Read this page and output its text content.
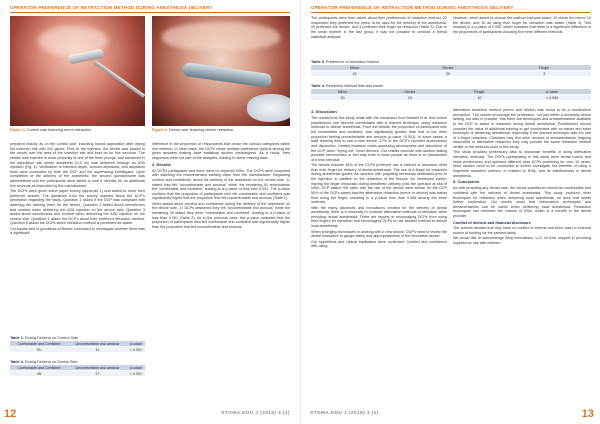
OPERATOR PREFERENCE OF RETRACTION METHOD DURING ANESTHESIA DELIVERY
Figure 3. Control side featuring mirror retraction	Figure 4. Device side featuring device retraction

prepared exactly as on the control side, including topical application after drying the insertion site with 2x2 gauze. Prior to the injection, the device was placed in the mouth over the area of the insertion site and kept on for five seconds. The needle was inserted in close proximity to one of the three prongs, and advanced to the deposition site where anesthetic (0.9 ml) was delivered through an ASA injection (Fig. 4). Verification of insertion depth, amount deposited, and aspiration tests were conducted by both the DCP and the supervising investigator. Upon completion of the delivery of the anesthetic, the second questionnaire was administered and the participants were asked to wait 5 minutes for an additional five seconds as instructed by the manufacturer.

The DCPs were given some paper survey (appendix 1) and asked to circle their preferred answer. The questions from the survey inquired about the DCP's perception regarding the study. Question 1 asked if the DCP was compliant with watching the training video for the device. Question 2 asked about smoothness and comfort when delivering the ASA injection on the device side. Question 3 asked about smoothness and comfort when delivering the ASA injection on the control side. Question 4 asked the DCP's about their preferred retraction method. Question 5 asked the DCPs which retraction method is perceived as easier.

Chi square test of goodness-of-fitness conducted to investigate whether there was a significant

difference in the proportion of respondents that chose the various categories within one criterion. In other ways, the DCPs chose multiple preference options among the given answers making case statistical studies meaningless. As a result, their responses were not part of the analyses, leading to some missing data.

3. Results

62 DCPs participated and there were no reported NSIs. The DCPs were compliant with watching the recommended training video from the manufacturer. Regarding comfort and confidence, about the delivery of the anesthetic on the control side, 11 stated they felt "uncomfortable and anxious" while, the remaining 51 respondents felt "comfortable and confident" leading to a p-value of less than 0.001. The p-value confirms that the proportion of participants who felt comfortable and confident was significantly higher that the proportion that felt uncomfortable and anxious (Table 1).

When asked about comfort and confidence during the delivery of the anesthetic on the device side, 17 DCPs answered they felt "uncomfortable and anxious" while the remaining 45 stated they were "comfortable and confident" leading to a p-value of less than 0.001 (Table 2). As in the previous case, this p-value indicated that the proportion of participants who felt comfortable and confident was significantly higher than the proportion that felt uncomfortable and anxious.

Table 1. During Delivery on Control Side
Comfortable and Confident	Uncomfortable and anxious	p-value
51	11	< 0.001
Table 2. During Delivery on Device Side
Comfortable and Confident	Uncomfortable and anxious	p-value
45	17	< 0.001
OPERATOR PREFERENCE OF RETRACTION METHOD DURING ANESTHESIA DELIVERY

The participants were then asked about their preferences of retraction method; 22 responded they preferred the mirror to be used for the delivery of the anesthesia, 29 preferred the device, and 3 preferred their finger as retraction (Table 3). Due to the small number in the last group, it was not possible to conduct a formal statistical analysis.

However, when asked to choose the method that was easier, 30 chose the mirror, 19 the device, and 10 as using their finger for retraction was easier (Table 4). This resulted in a p-value of 0.005, which indicates that there is a significant difference in the proportions of participants choosing the three different methods.

Table 3. Preference of retraction method
Mirror	Device	Finger
22	29	3
Table 4. Retraction Method that was easier
Mirror	Device	Finger	p-value
30	19	10	< 0.005
4. Discussion

The results from this study relate with the conclusion from Hassell et al. that novice practitioners can become comfortable with a learned technique using retraction methods to deliver anesthesia. From the results, the proportion of participants who felt comfortable and confident, was significantly greater than that of the other proportion feeling uncomfortable and anxious (p-value <0.001). In some cases, a swift learning flow to use a new device, 27% of the DCP's reported anxiousness and discomfort. Limited evidence exists assessing anxiousness and discomfort of the DCP when "trying out" novel devices. Our results coincide with studies stating possible nervousness or feel may exist in some people as there is an introduction of a new stimulus.

The results indicate 16% of the DCPs preferred use a method of retraction other than their finger for delivery of dental anesthesia. The use of a finger for retraction during anesthesia guides the operator with palpating necessary landmarks prior to the injection; in addition to the retraction of the tissues. As mentioned earlier, leaving the finger intraorally during anesthetic delivery puts the operator at risk of NSIs. DCP stated NSI rates with the use of the device were similar for the DCP 50% of the DCPs stated that the alternative retraction (mirror or device) was easier than using the finger, resulting in a p-value less than 0.005 among the three methods.

With the many advances and innovations created for the delivery of dental anesthesia, there is a necessity to consider alternative methods of retraction while providing dental anesthesia. There are reports of encouraging DCPs from using their fingers for retraction and encouraging DCPs to use another method to deliver local anesthesia.

When changing techniques or working with a new device, DCPs need to review the dental evaluation to gauge safety and appropriateness of the innovative device.

Our hypothesis and clinical implication were confirmed. Comfort and confidence with using

alternative retraction method (mirror and device) was found to be a constructive perception. The results encourage the profession, not just within a university dental setting, but also in practice, that there are techniques and armamentarium available to the DCP to assist in retraction during dental anesthesia. Practitioners should consider the value of additional training to get comfortable with an easier and safer technique of delivering anesthesia, especially if the learned technique was the use of a finger retraction. Clinicians may find other devices or armamentarium forgoing discomfort or alternative retraction they may provide the same retraction method similar to the methods used in this study.

This study provides preliminary data to showcase benefits of using alternative retraction methods. The DCPs participating in this study were dental novice and show preferences and opinions different from DCPs practicing for over 10 years. More studies need to be conducted to further investigate the benefits of using a fingerless retraction method, in relation to NSIs, and its effectiveness in dental anesthesia.

5. Conclusion

As with providing any dental care, the dental practitioner should be comfortable and confident with the delivery of dental anesthesia. This study explored other techniques for retraction when delivering local anesthesia, an area that needs further exploration. Our results show that noninvasive techniques and armamentarium can be useful when delivering local anesthesia. Retraction techniques can minimize the chance of NSIs, which is a benefit to the dental provider.

Conflict of Interest and financial disclosure

The authors declare that they have no conflict of interest and there was no external source of funding for the present study.

We would like to acknowledge Bing Innovations, LLC for their support in providing supplies for use with devices.

12	STOMA.EDU J (2016) 3 (1)	STOMA.EDU J (2016) 3 (1)	13
